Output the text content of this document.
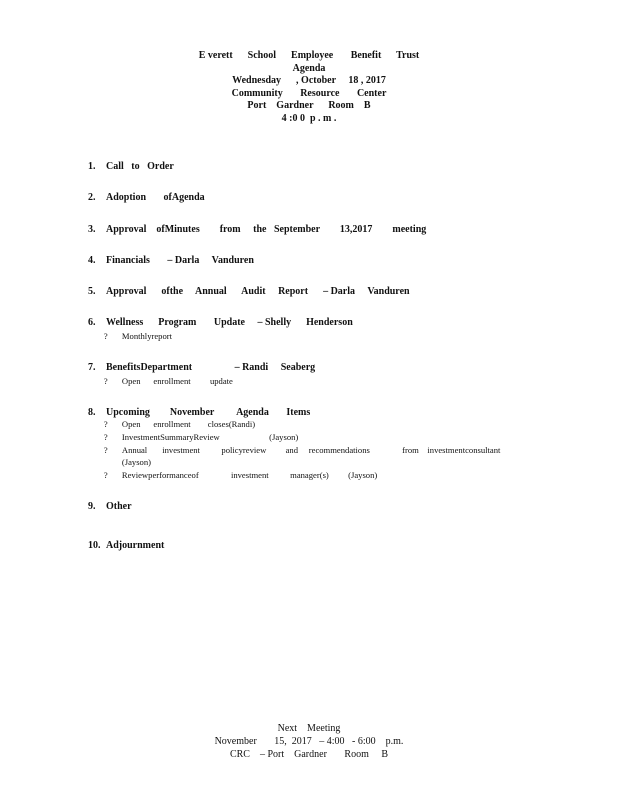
E verett      School      Employee       Benefit      Trust
Agenda
Wednesday      , October     18 , 2017
Community       Resource       Center
Port    Gardner      Room    B
4 :0 0  p . m .

1. Call   to   Order

2. Adoption       ofAgenda

3. Approval    ofMinutes        from     the   September        13,2017        meeting

4. Financials       – Darla     Vanduren

5. Approval      ofthe     Annual      Audit     Report      – Darla     Vanduren

6. Wellness      Program       Update     – Shelly      Henderson

? Monthlyreport

7. BenefitsDepartment                 – Randi     Seaberg

? Open      enrollment         update

8. Upcoming        November         Agenda       Items

? Open      enrollment        closes(Randi)

? InvestmentSummaryReview                       (Jayson)

? Annual       investment          policyreview         and     recommendations               from    investmentconsultant

(Jayson)

? Reviewperformanceof               investment          manager(s)         (Jayson)

9. Other

10. Adjournment

Next    Meeting
November       15,  2017   – 4:00   - 6:00    p.m.
CRC    – Port    Gardner       Room     B
